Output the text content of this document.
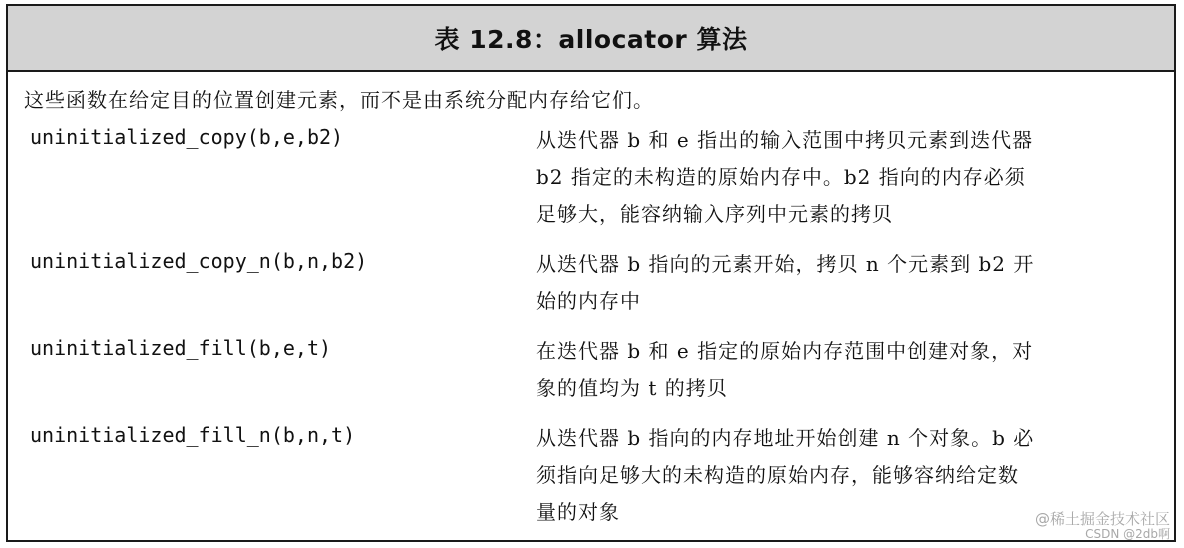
表 12.8：allocator 算法
这些函数在给定目的位置创建元素，而不是由系统分配内存给它们。
uninitialized_copy(b,e,b2)	从迭代器 b 和 e 指出的输入范围中拷贝元素到迭代器
b2 指定的未构造的原始内存中。b2 指向的内存必须
足够大，能容纳输入序列中元素的拷贝
uninitialized_copy_n(b,n,b2)	从迭代器 b 指向的元素开始，拷贝 n 个元素到 b2 开
始的内存中
uninitialized_fill(b,e,t)	在迭代器 b 和 e 指定的原始内存范围中创建对象，对
象的值均为 t 的拷贝
uninitialized_fill_n(b,n,t)	从迭代器 b 指向的内存地址开始创建 n 个对象。b 必
须指向足够大的未构造的原始内存，能够容纳给定数
量的对象	@稀土掘金技术社区
CSDN @2db啊
